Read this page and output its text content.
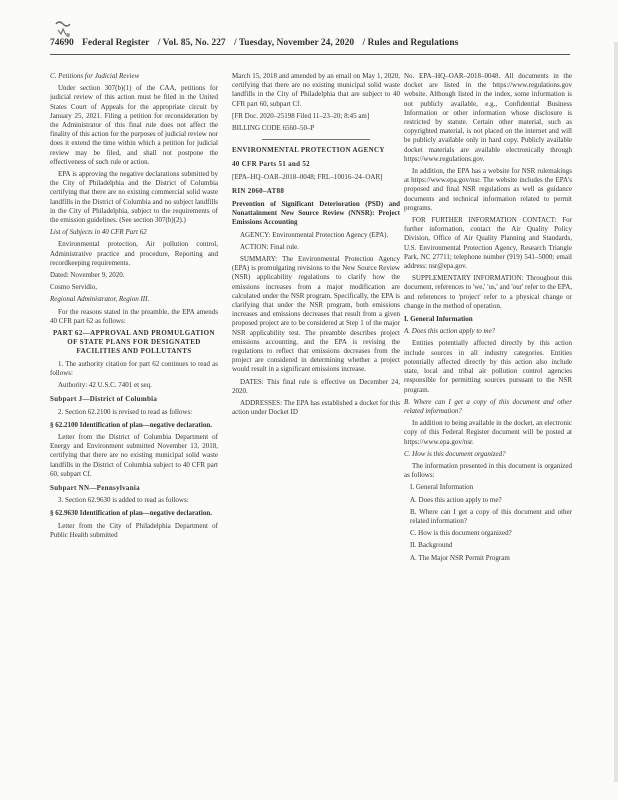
74690 Federal Register / Vol. 85, No. 227 / Tuesday, November 24, 2020 / Rules and Regulations

C. Petitions for Judicial Review

Under section 307(b)(1) of the CAA, petitions for judicial review of this action must be filed in the United States Court of Appeals for the appropriate circuit by January 25, 2021. Filing a petition for reconsideration by the Administrator of this final rule does not affect the finality of this action for the purposes of judicial review nor does it extend the time within which a petition for judicial review may be filed, and shall not postpone the effectiveness of such rule or action.

EPA is approving the negative declarations submitted by the City of Philadelphia and the District of Columbia certifying that there are no existing commercial solid waste landfills in the District of Columbia and no subject landfills in the City of Philadelphia, subject to the requirements of the emission guidelines. (See section 307(b)(2).)

List of Subjects in 40 CFR Part 62

Environmental protection, Air pollution control, Administrative practice and procedure, Reporting and recordkeeping requirements.

Dated: November 9, 2020.

Cosmo Servidio,

Regional Administrator, Region III.

For the reasons stated in the preamble, the EPA amends 40 CFR part 62 as follows:

PART 62—APPROVAL AND PROMULGATION OF STATE PLANS FOR DESIGNATED FACILITIES AND POLLUTANTS

1. The authority citation for part 62 continues to read as follows:

Authority: 42 U.S.C. 7401 et seq.

Subpart J—District of Columbia

2. Section 62.2100 is revised to read as follows:

§ 62.2100 Identification of plan—negative declaration.

Letter from the District of Columbia Department of Energy and Environment submitted November 13, 2018, certifying that there are no existing municipal solid waste landfills in the District of Columbia subject to 40 CFR part 60, subpart Cf.

Subpart NN—Pennsylvania

3. Section 62.9630 is added to read as follows:

§ 62.9630 Identification of plan—negative declaration.

Letter from the City of Philadelphia Department of Public Health submitted

March 15, 2018 and amended by an email on May 1, 2020, certifying that there are no existing municipal solid waste landfills in the City of Philadelphia that are subject to 40 CFR part 60, subpart Cf.

[FR Doc. 2020–25198 Filed 11–23–20; 8:45 am]

BILLING CODE 6560–50–P

ENVIRONMENTAL PROTECTION AGENCY

40 CFR Parts 51 and 52

[EPA–HQ–OAR–2018–0048; FRL–10016–24–OAR]

RIN 2060–AT88

Prevention of Significant Deterioration (PSD) and Nonattainment New Source Review (NNSR): Project Emissions Accounting

AGENCY: Environmental Protection Agency (EPA).

ACTION: Final rule.

SUMMARY: The Environmental Protection Agency (EPA) is promulgating revisions to the New Source Review (NSR) applicability regulations to clarify how the emissions increases from a major modification are calculated under the NSR program. Specifically, the EPA is clarifying that under the NSR program, both emissions increases and emissions decreases that result from a given proposed project are to be considered at Step 1 of the major NSR applicability test. The preamble describes project emissions accounting, and the EPA is revising the regulations to reflect that emissions decreases from the project are considered in determining whether a project would result in a significant emissions increase.

DATES: This final rule is effective on December 24, 2020.

ADDRESSES: The EPA has established a docket for this action under Docket ID

No. EPA–HQ–OAR–2018–0048. All documents in the docket are listed in the https://www.regulations.gov website. Although listed in the index, some information is not publicly available, e.g., Confidential Business Information or other information whose disclosure is restricted by statute. Certain other material, such as copyrighted material, is not placed on the internet and will be publicly available only in hard copy. Publicly available docket materials are available electronically through https://www.regulations.gov.

In addition, the EPA has a website for NSR rulemakings at https://www.epa.gov/nsr. The website includes the EPA's proposed and final NSR regulations as well as guidance documents and technical information related to permit programs.

FOR FURTHER INFORMATION CONTACT: For further information, contact the Air Quality Policy Division, Office of Air Quality Planning and Standards, U.S. Environmental Protection Agency, Research Triangle Park, NC 27711; telephone number (919) 541–5000; email address: nsr@epa.gov.

SUPPLEMENTARY INFORMATION: Throughout this document, references to 'we,' 'us,' and 'our' refer to the EPA, and references to 'project' refer to a physical change or change in the method of operation.

I. General Information

A. Does this action apply to me?

Entities potentially affected directly by this action include sources in all industry categories. Entities potentially affected directly by this action also include state, local and tribal air pollution control agencies responsible for permitting sources pursuant to the NSR program.

B. Where can I get a copy of this document and other related information?

In addition to being available in the docket, an electronic copy of this Federal Register document will be posted at https://www.epa.gov/nsr.

C. How is this document organized?

The information presented in this document is organized as follows:

I. General Information

A. Does this action apply to me?

B. Where can I get a copy of this document and other related information?

C. How is this document organized?

II. Background

A. The Major NSR Permit Program
